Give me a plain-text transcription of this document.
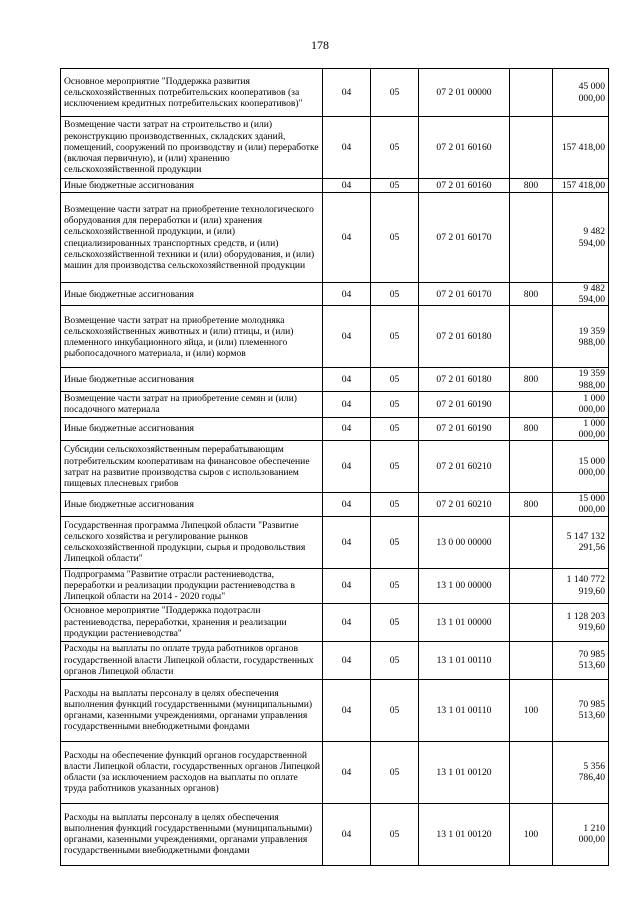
178
Основное мероприятие "Поддержка развития сельскохозяйственных потребительских кооперативов (за исключением кредитных потребительских кооперативов)"	04	05	07 2 01 00000		45 000 000,00
Возмещение части затрат на строительство и (или) реконструкцию производственных, складских зданий, помещений, сооружений по производству и (или) переработке (включая первичную), и (или) хранению сельскохозяйственной продукции	04	05	07 2 01 60160		157 418,00
Иные бюджетные ассигнования	04	05	07 2 01 60160	800	157 418,00
Возмещение части затрат на приобретение технологического оборудования для переработки и (или) хранения сельскохозяйственной продукции, и (или) специализированных транспортных средств, и (или) сельскохозяйственной техники и (или) оборудования, и (или) машин для производства сельскохозяйственной продукции	04	05	07 2 01 60170		9 482 594,00
Иные бюджетные ассигнования	04	05	07 2 01 60170	800	9 482 594,00
Возмещение части затрат на приобретение молодняка сельскохозяйственных животных и (или) птицы, и (или) племенного инкубационного яйца, и (или) племенного рыбопосадочного материала, и (или) кормов	04	05	07 2 01 60180		19 359 988,00
Иные бюджетные ассигнования	04	05	07 2 01 60180	800	19 359 988,00
Возмещение части затрат на приобретение семян и (или) посадочного материала	04	05	07 2 01 60190		1 000 000,00
Иные бюджетные ассигнования	04	05	07 2 01 60190	800	1 000 000,00
Субсидии сельскохозяйственным перерабатывающим потребительским кооперативам на финансовое обеспечение затрат на развитие производства сыров с использованием пищевых плесневых грибов	04	05	07 2 01 60210		15 000 000,00
Иные бюджетные ассигнования	04	05	07 2 01 60210	800	15 000 000,00
Государственная программа Липецкой области "Развитие сельского хозяйства и регулирование рынков сельскохозяйственной продукции, сырья и продовольствия Липецкой области"	04	05	13 0 00 00000		5 147 132 291,56
Подпрограмма "Развитие отрасли растениеводства, переработки и реализации продукции растениеводства в Липецкой области на 2014 - 2020 годы"	04	05	13 1 00 00000		1 140 772 919,60
Основное мероприятие "Поддержка подотрасли растениеводства, переработки, хранения и реализации продукции растениеводства"	04	05	13 1 01 00000		1 128 203 919,60
Расходы на выплаты по оплате труда работников органов государственной власти Липецкой области, государственных органов Липецкой области	04	05	13 1 01 00110		70 985 513,60
Расходы на выплаты персоналу в целях обеспечения выполнения функций государственными (муниципальными) органами, казенными учреждениями, органами управления государственными внебюджетными фондами	04	05	13 1 01 00110	100	70 985 513,60
Расходы на обеспечение функций органов государственной власти Липецкой области, государственных органов Липецкой области (за исключением расходов на выплаты по оплате труда работников указанных органов)	04	05	13 1 01 00120		5 356 786,40
Расходы на выплаты персоналу в целях обеспечения выполнения функций государственными (муниципальными) органами, казенными учреждениями, органами управления государственными внебюджетными фондами	04	05	13 1 01 00120	100	1 210 000,00
